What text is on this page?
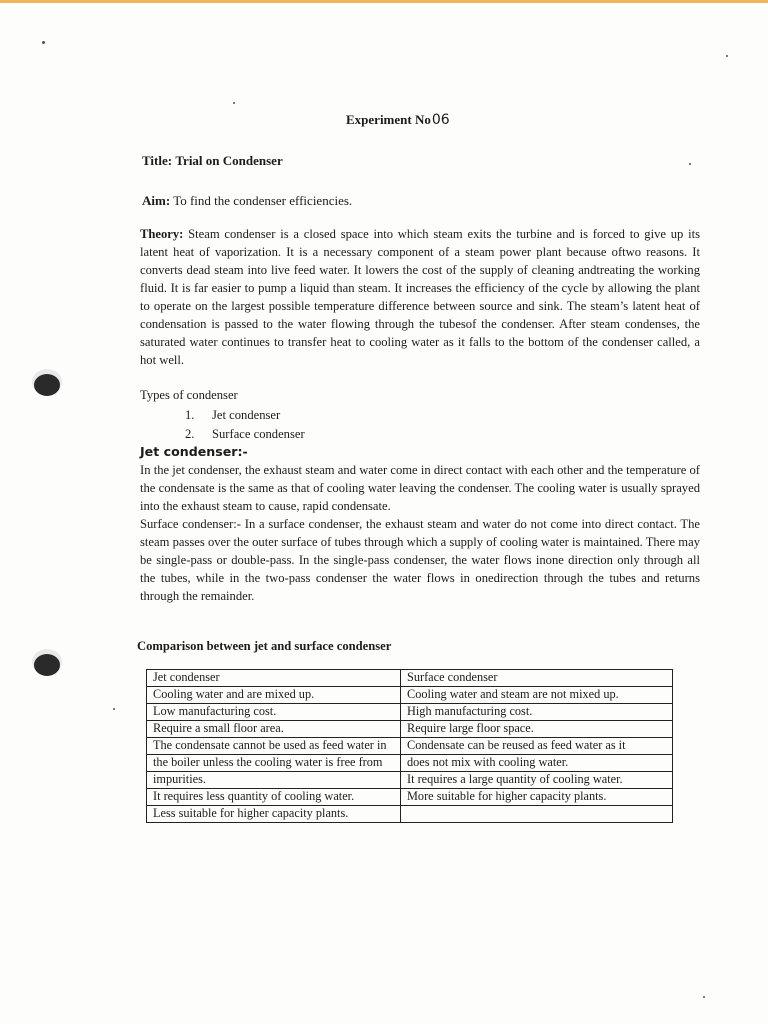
Experiment No06
Title: Trial on Condenser
Aim: To find the condenser efficiencies.
Theory: Steam condenser is a closed space into which steam exits the turbine and is forced to give up its latent heat of vaporization. It is a necessary component of a steam power plant because oftwo reasons. It converts dead steam into live feed water. It lowers the cost of the supply of cleaning andtreating the working fluid. It is far easier to pump a liquid than steam. It increases the efficiency of the cycle by allowing the plant to operate on the largest possible temperature difference between source and sink. The steam’s latent heat of condensation is passed to the water flowing through the tubesof the condenser. After steam condenses, the saturated water continues to transfer heat to cooling water as it falls to the bottom of the condenser called, a hot well.
Types of condenser
1. Jet condenser
2. Surface condenser
Jet condenser:-
In the jet condenser, the exhaust steam and water come in direct contact with each other and the temperature of the condensate is the same as that of cooling water leaving the condenser. The cooling water is usually sprayed into the exhaust steam to cause, rapid condensate.
Surface condenser:- In a surface condenser, the exhaust steam and water do not come into direct contact. The steam passes over the outer surface of tubes through which a supply of cooling water is maintained. There may be single-pass or double-pass. In the single-pass condenser, the water flows inone direction only through all the tubes, while in the two-pass condenser the water flows in onedirection through the tubes and returns through the remainder.
Comparison between jet and surface condenser
Jet condenser	Surface condenser
Cooling water and are mixed up.	Cooling water and steam are not mixed up.
Low manufacturing cost.	High manufacturing cost.
Require a small floor area.	Require large floor space.
The condensate cannot be used as feed water in	Condensate can be reused as feed water as it
the boiler unless the cooling water is free from	does not mix with cooling water.
impurities.	It requires a large quantity of cooling water.
It requires less quantity of cooling water.	More suitable for higher capacity plants.
Less suitable for higher capacity plants.	
